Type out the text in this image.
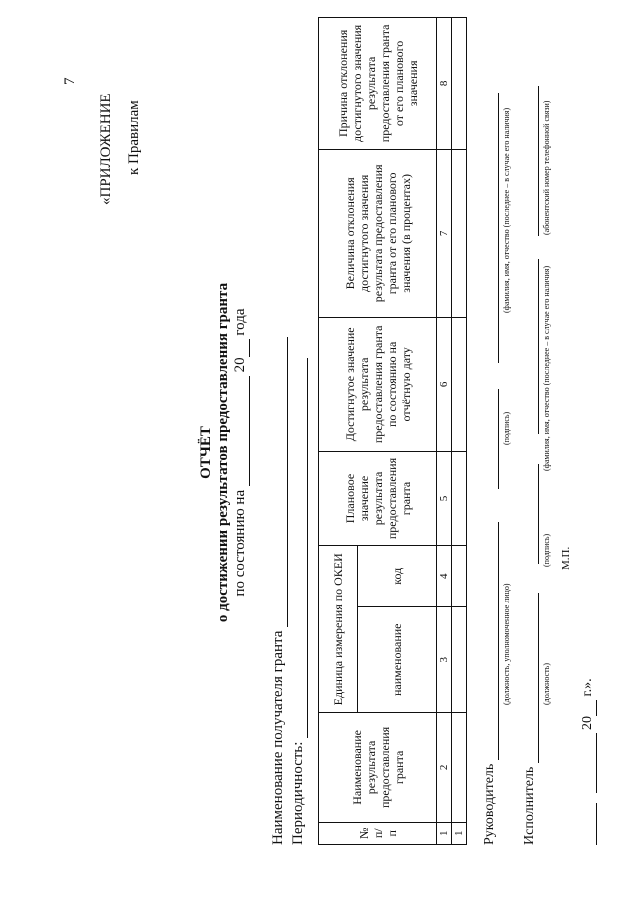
7
«ПРИЛОЖЕНИЕ к Правилам
ОТЧЁТ о достижении результатов предоставления гранта по состоянию на   20  года
Наименование получателя гранта Периодичность:	№ п/п	Наименование результата предоставления гранта	Единица измерения по ОКЕИ		Плановое значение результата предоставления гранта	Достигнутое значение результата предоставления гранта по состоянию на отчётную дату	Величина отклонения достигнутого значения результата предоставления гранта от его планового значения (в процентах)	Причина отклонения достигнутого значения результата предоставления гранта от его планового значения
		наименование	код				
1	2	3	4	5	6	7	8
1							Руководитель
(должность, уполномоченное лицо)
(подпись)
(фамилия, имя, отчество (последнее – в случае его наличия)
Исполнитель
(должность)
(подпись)
(фамилия, имя, отчество (последнее – в случае его наличия)
(абонентский номер телефонной связи)
М.П.
20  г.».
